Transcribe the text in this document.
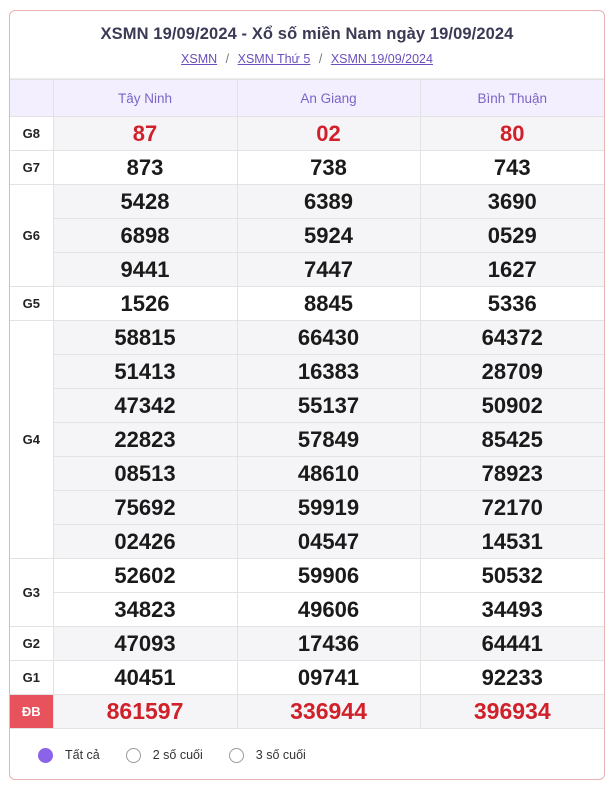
XSMN 19/09/2024 - Xổ số miền Nam ngày 19/09/2024
XSMN / XSMN Thứ 5 / XSMN 19/09/2024
	Tây Ninh	An Giang	Bình Thuận
G8	87	02	80
G7	873	738	743
G6	5428	6389	3690
	6898	5924	0529
	9441	7447	1627
G5	1526	8845	5336
G4	58815	66430	64372
	51413	16383	28709
	47342	55137	50902
	22823	57849	85425
	08513	48610	78923
	75692	59919	72170
	02426	04547	14531
G3	52602	59906	50532
	34823	49606	34493
G2	47093	17436	64441
G1	40451	09741	92233
ĐB	861597	336944	396934
Tất cả	2 số cuối	3 số cuối
